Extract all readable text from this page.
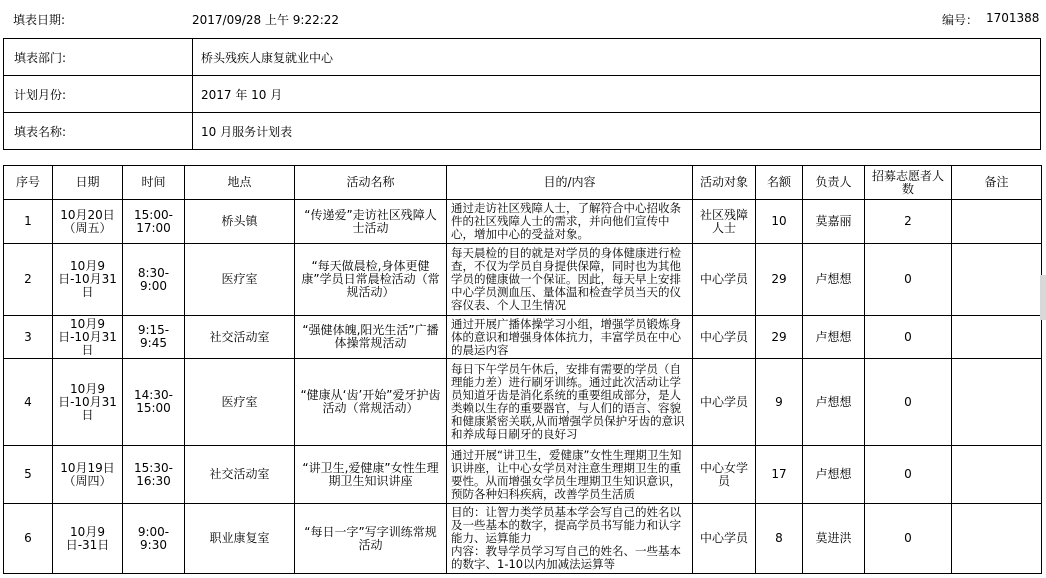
填表日期:	2017/09/28 上午 9:22:22	编号： 1701388
填表部门:	桥头残疾人康复就业中心
计划月份:	2017 年 10 月
填表名称:	10 月服务计划表
序号	日期	时间	地点	活动名称	目的/内容	活动对象	名额	负责人	招募志愿者人数	备注
1	10月20日（周五）	15:00-17:00	桥头镇	“传递爱”走访社区残障人士活动	通过走访社区残障人士，了解符合中心招收条件的社区残障人士的需求，并向他们宣传中心，增加中心的受益对象。	社区残障人士	10	莫嘉丽	2	
2	10月9日-10月31日	8:30-9:00	医疗室	“每天做晨检,身体更健康”学员日常晨检活动（常规活动）	每天晨检的目的就是对学员的身体健康进行检查，不仅为学员自身提供保障，同时也为其他学员的健康做一个保证。因此，每天早上安排中心学员测血压、量体温和检查学员当天的仪容仪表、个人卫生情况	中心学员	29	卢想想	0	
3	10月9日-10月31日	9:15-9:45	社交活动室	“强健体魄,阳光生活”广播体操常规活动	通过开展广播体操学习小组，增强学员锻炼身体的意识和增强身体体抗力，丰富学员在中心的晨运内容	中心学员	29	卢想想	0	
4	10月9日-10月31日	14:30-15:00	医疗室	“健康从‘齿’开始”爱牙护齿活动（常规活动）	每日下午学员午休后，安排有需要的学员（自理能力差）进行刷牙训练。通过此次活动让学员知道牙齿是消化系统的重要组成部分，是人类赖以生存的重要器官，与人们的语言、容貌和健康紧密关联,从而增强学员保护牙齿的意识和养成每日刷牙的良好习	中心学员	9	卢想想	0	
5	10月19日（周四）	15:30-16:30	社交活动室	“讲卫生,爱健康”女性生理期卫生知识讲座	通过开展“讲卫生，爱健康”女性生理期卫生知识讲座，让中心女学员对注意生理期卫生的重要性。从而增强女学员生理期卫生知识意识，预防各种妇科疾病，改善学员生活质	中心女学员	17	卢想想	0	
6	10月9日-31日	9:00-9:30	职业康复室	“每日一字”写字训练常规活动	目的：让智力类学员基本学会写自己的姓名以及一些基本的数字，提高学员书写能力和认字能力、运算能力
内容：教导学员学习写自己的姓名、一些基本的数字、1-10以内加减法运算等	中心学员	8	莫进洪	0	
